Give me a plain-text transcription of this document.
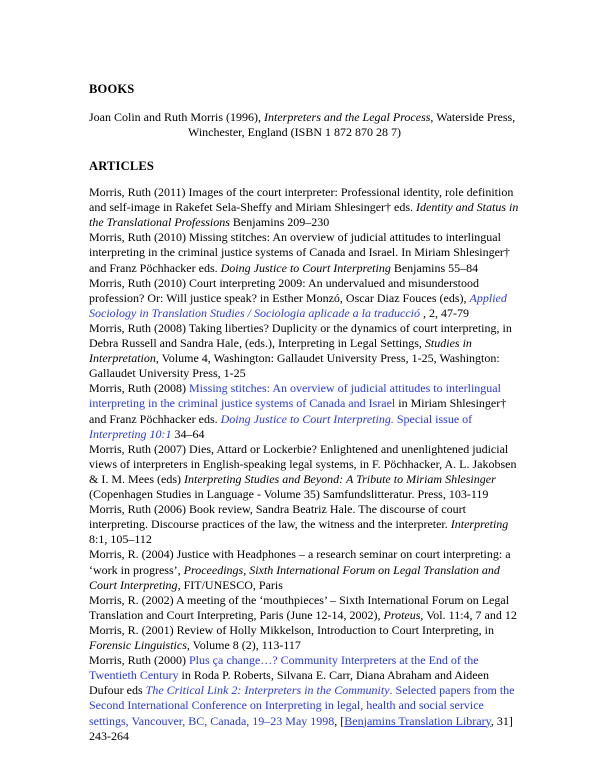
BOOKS
ARTICLES
Joan Colin and Ruth Morris (1996), Interpreters and the Legal Process, Waterside Press,
Winchester, England (ISBN 1 872 870 28 7)
Morris, Ruth (2011) Images of the court interpreter: Professional identity, role definition
and self-image in Rakefet Sela-Sheffy and Miriam Shlesinger† eds. Identity and Status in
the Translational Professions Benjamins 209–230
Morris, Ruth (2010) Missing stitches: An overview of judicial attitudes to interlingual
interpreting in the criminal justice systems of Canada and Israel. In Miriam Shlesinger†
and Franz Pöchhacker eds. Doing Justice to Court Interpreting Benjamins 55–84
Morris, Ruth (2010) Court interpreting 2009: An undervalued and misunderstood
profession? Or: Will justice speak? in Esther Monzó, Oscar Diaz Fouces (eds), Applied
Sociology in Translation Studies / Sociologia aplicade a la traducció , 2, 47-79
Morris, Ruth (2008) Taking liberties? Duplicity or the dynamics of court interpreting, in
Debra Russell and Sandra Hale, (eds.), Interpreting in Legal Settings, Studies in
Interpretation, Volume 4, Washington: Gallaudet University Press, 1-25, Washington:
Gallaudet University Press, 1-25
Morris, Ruth (2008) Missing stitches: An overview of judicial attitudes to interlingual
interpreting in the criminal justice systems of Canada and Israel in Miriam Shlesinger†
and Franz Pöchhacker eds. Doing Justice to Court Interpreting. Special issue of
Interpreting 10:1 34–64
Morris, Ruth (2007) Dies, Attard or Lockerbie? Enlightened and unenlightened judicial
views of interpreters in English-speaking legal systems, in F. Pöchhacker, A. L. Jakobsen
& I. M. Mees (eds) Interpreting Studies and Beyond: A Tribute to Miriam Shlesinger
(Copenhagen Studies in Language - Volume 35) Samfundslitteratur. Press, 103-119
Morris, Ruth (2006) Book review, Sandra Beatriz Hale. The discourse of court
interpreting. Discourse practices of the law, the witness and the interpreter. Interpreting
8:1, 105–112
Morris, R. (2004) Justice with Headphones – a research seminar on court interpreting: a
‘work in progress’, Proceedings, Sixth International Forum on Legal Translation and
Court Interpreting, FIT/UNESCO, Paris
Morris, R. (2002) A meeting of the ‘mouthpieces’ – Sixth International Forum on Legal
Translation and Court Interpreting, Paris (June 12-14, 2002), Proteus, Vol. 11:4, 7 and 12
Morris, R. (2001) Review of Holly Mikkelson, Introduction to Court Interpreting, in
Forensic Linguistics, Volume 8 (2), 113-117
Morris, Ruth (2000) Plus ça change…? Community Interpreters at the End of the
Twentieth Century in Roda P. Roberts, Silvana E. Carr, Diana Abraham and Aideen
Dufour eds The Critical Link 2: Interpreters in the Community. Selected papers from the
Second International Conference on Interpreting in legal, health and social service
settings, Vancouver, BC, Canada, 19–23 May 1998, [Benjamins Translation Library, 31]
243-264
